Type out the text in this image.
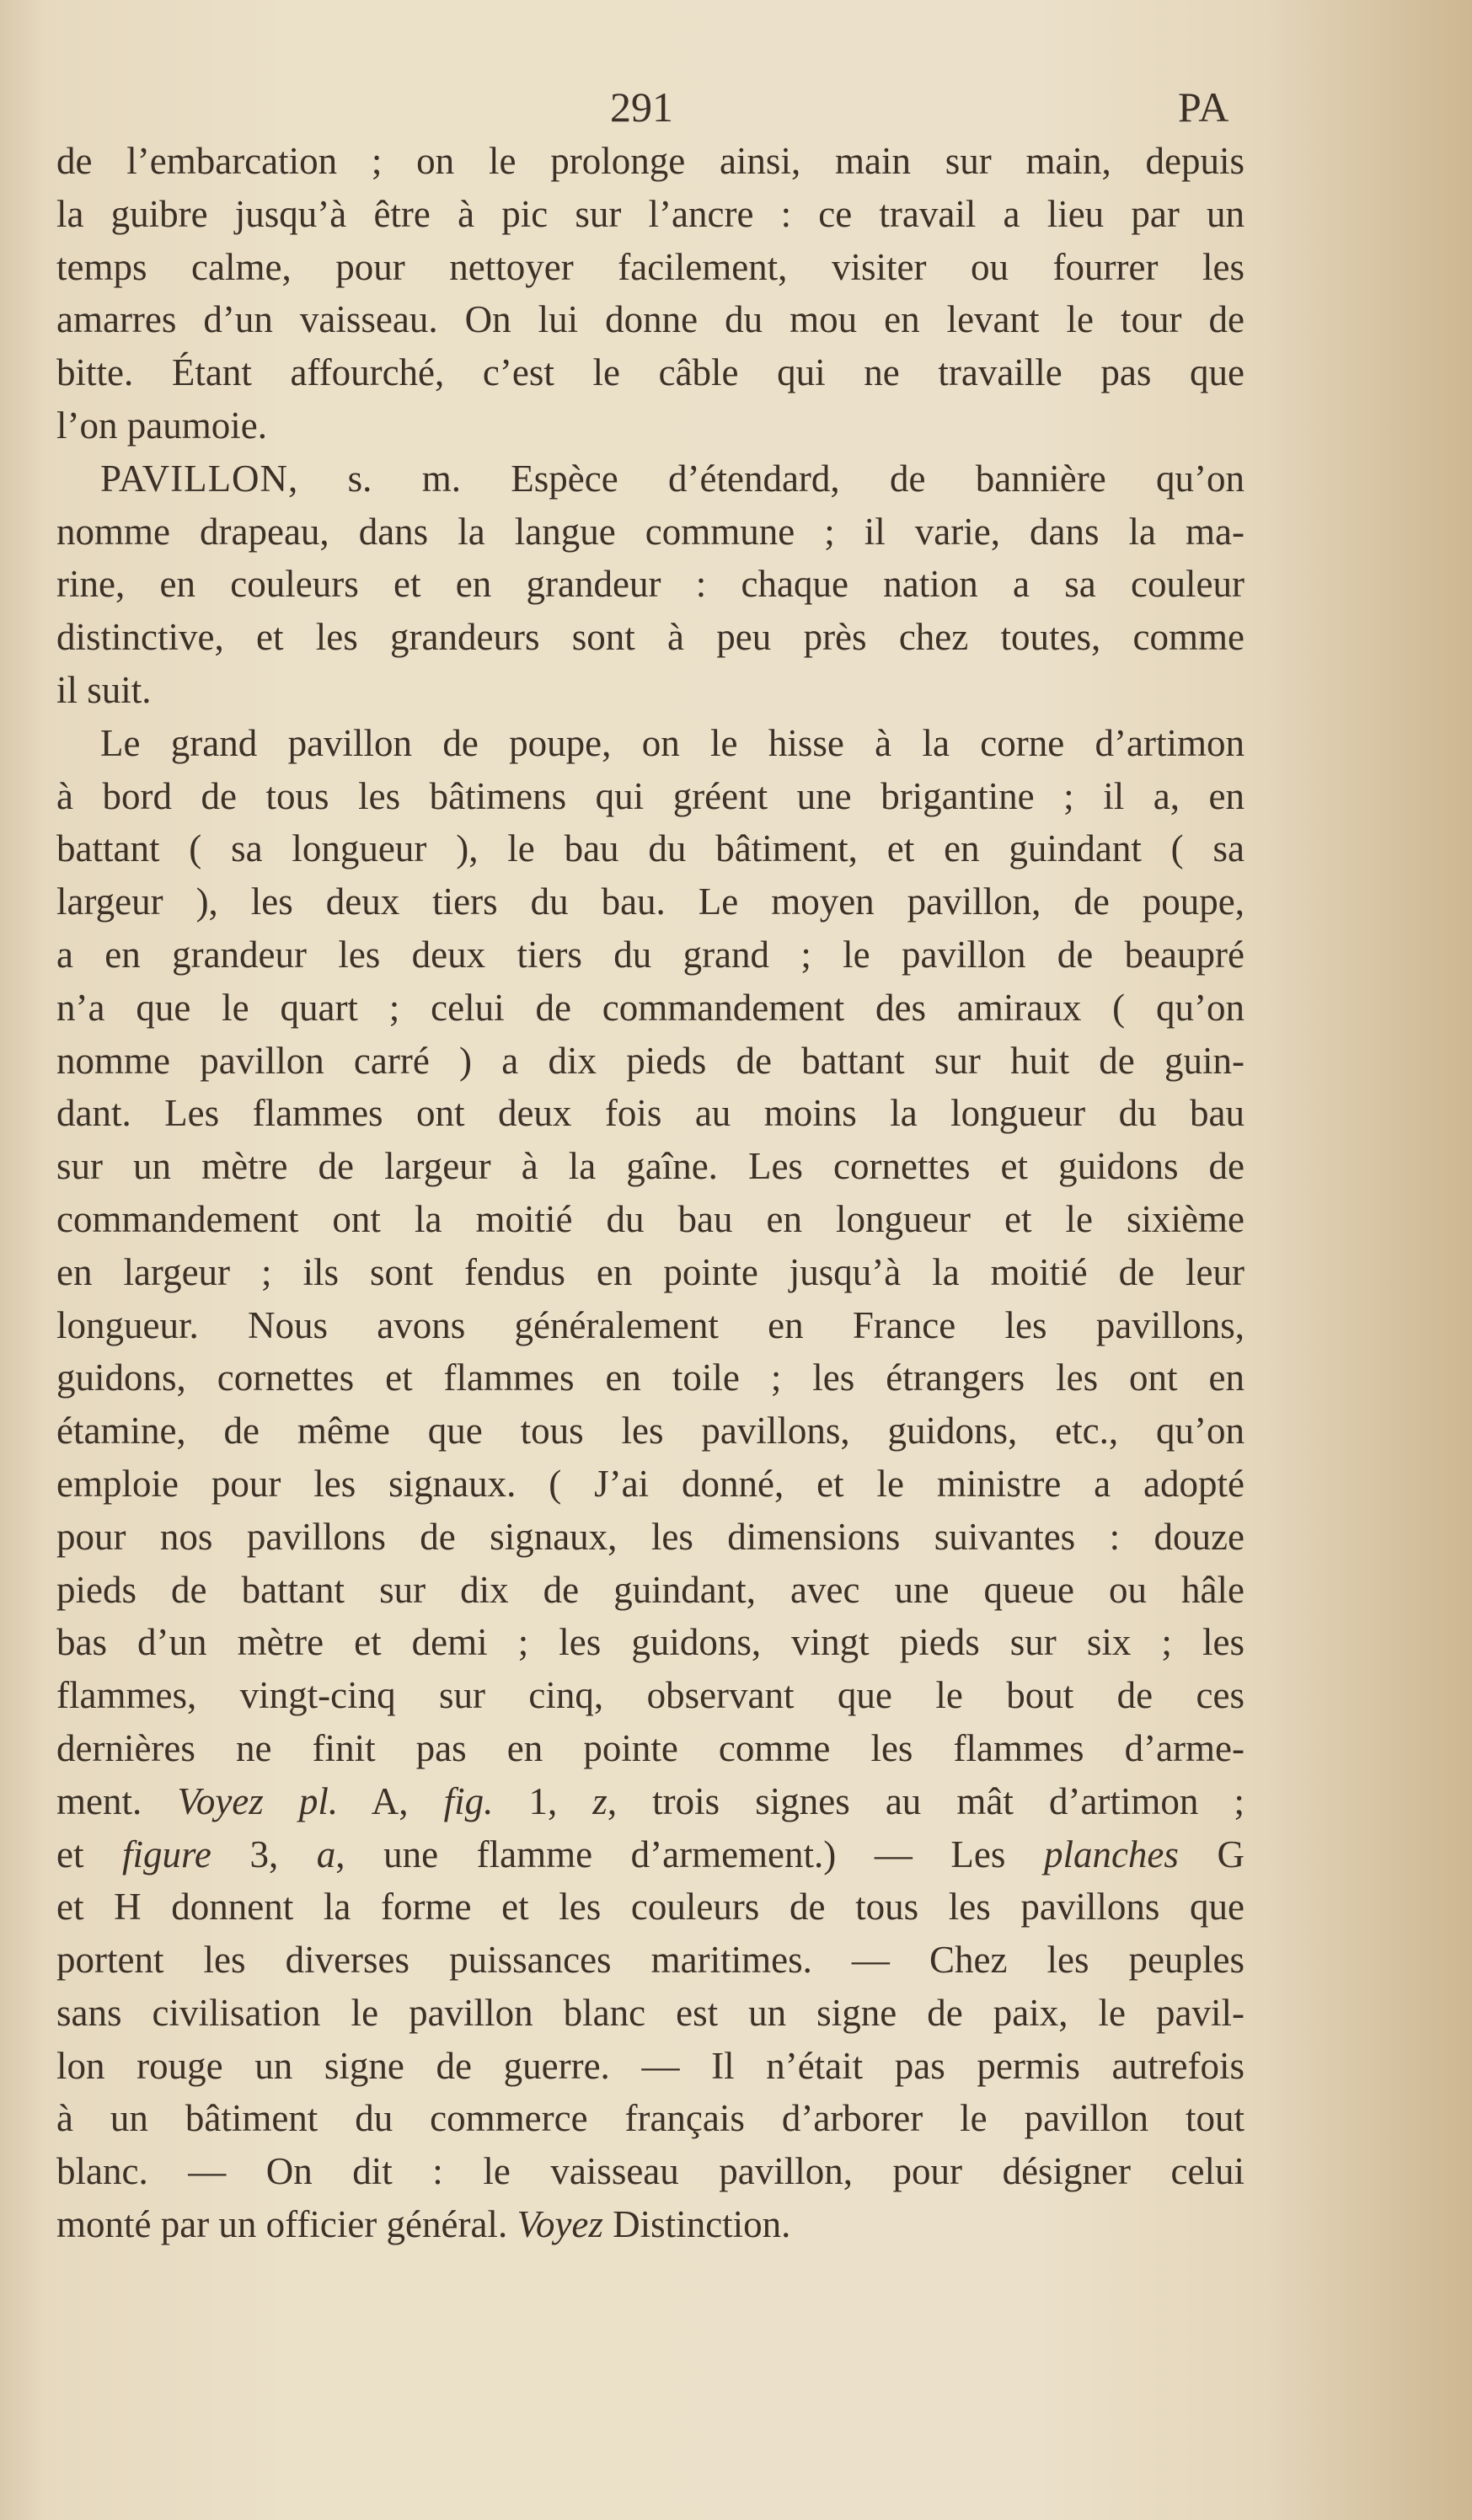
291	PA
de l’embarcation ; on le prolonge ainsi, main sur main, depuis
la guibre jusqu’à être à pic sur l’ancre : ce travail a lieu par un
temps calme, pour nettoyer facilement, visiter ou fourrer les
amarres d’un vaisseau. On lui donne du mou en levant le tour de
bitte. Étant affourché, c’est le câble qui ne travaille pas que
l’on paumoie.
PAVILLON, s. m. Espèce d’étendard, de bannière qu’on
nomme drapeau, dans la langue commune ; il varie, dans la ma-
rine, en couleurs et en grandeur : chaque nation a sa couleur
distinctive, et les grandeurs sont à peu près chez toutes, comme
il suit.
Le grand pavillon de poupe, on le hisse à la corne d’artimon
à bord de tous les bâtimens qui gréent une brigantine ; il a, en
battant ( sa longueur ), le bau du bâtiment, et en guindant ( sa
largeur ), les deux tiers du bau. Le moyen pavillon, de poupe,
a en grandeur les deux tiers du grand ; le pavillon de beaupré
n’a que le quart ; celui de commandement des amiraux ( qu’on
nomme pavillon carré ) a dix pieds de battant sur huit de guin-
dant. Les flammes ont deux fois au moins la longueur du bau
sur un mètre de largeur à la gaîne. Les cornettes et guidons de
commandement ont la moitié du bau en longueur et le sixième
en largeur ; ils sont fendus en pointe jusqu’à la moitié de leur
longueur. Nous avons généralement en France les pavillons,
guidons, cornettes et flammes en toile ; les étrangers les ont en
étamine, de même que tous les pavillons, guidons, etc., qu’on
emploie pour les signaux. ( J’ai donné, et le ministre a adopté
pour nos pavillons de signaux, les dimensions suivantes : douze
pieds de battant sur dix de guindant, avec une queue ou hâle
bas d’un mètre et demi ; les guidons, vingt pieds sur six ; les
flammes, vingt-cinq sur cinq, observant que le bout de ces
dernières ne finit pas en pointe comme les flammes d’arme-
ment. Voyez pl. A, fig. 1, z, trois signes au mât d’artimon ;
et figure 3, a, une flamme d’armement.) — Les planches G
et H donnent la forme et les couleurs de tous les pavillons que
portent les diverses puissances maritimes. — Chez les peuples
sans civilisation le pavillon blanc est un signe de paix, le pavil-
lon rouge un signe de guerre. — Il n’était pas permis autrefois
à un bâtiment du commerce français d’arborer le pavillon tout
blanc. — On dit : le vaisseau pavillon, pour désigner celui
monté par un officier général. Voyez Distinction.
